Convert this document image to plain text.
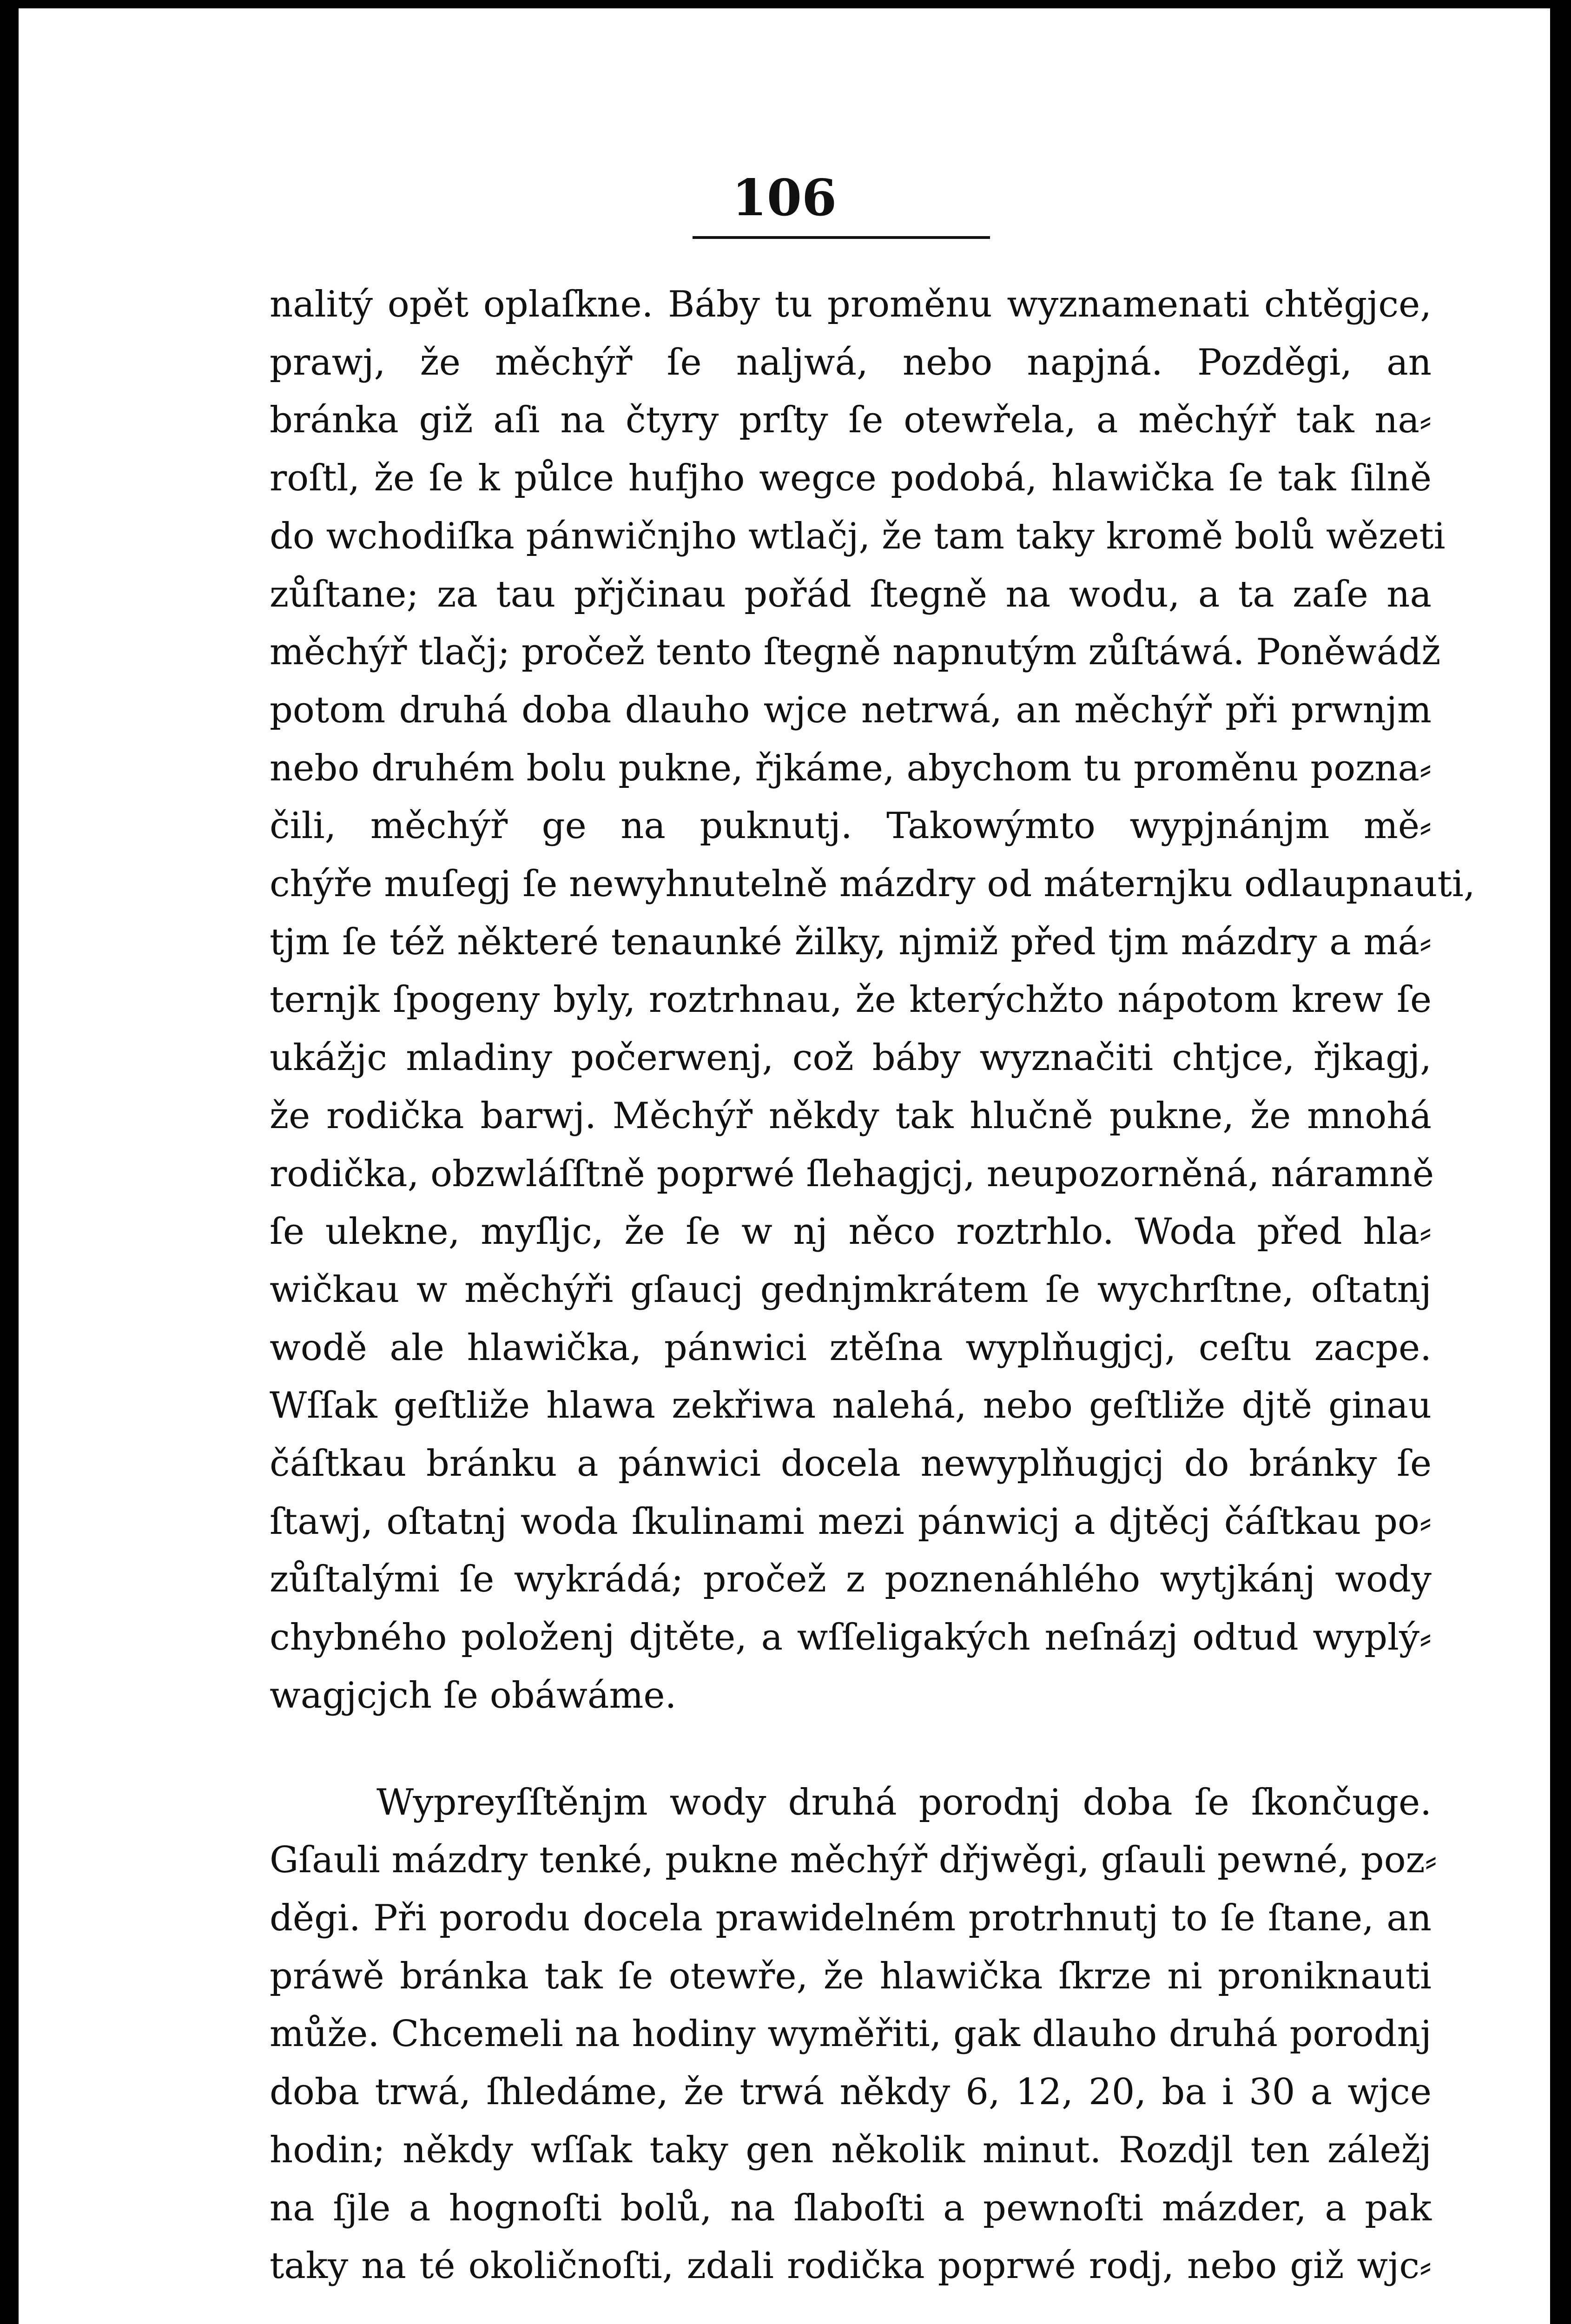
106
nalitý opět oplaſkne. Báby tu proměnu wyznamenati chtěgjce,
prawj, že měchýř ſe naljwá, nebo napjná. Pozděgi, an
bránka giž aſi na čtyry prſty ſe otewřela, a měchýř tak na⸗
roſtl, že ſe k půlce hufjho wegce podobá, hlawička ſe tak ſilně
do wchodiſka pánwičnjho wtlačj, že tam taky kromě bolů wězeti
zůſtane; za tau přjčinau pořád ſtegně na wodu, a ta zaſe na
měchýř tlačj; pročež tento ſtegně napnutým zůſtáwá. Poněwádž
potom druhá doba dlauho wjce netrwá, an měchýř při prwnjm
nebo druhém bolu pukne, řjkáme, abychom tu proměnu pozna⸗
čili, měchýř ge na puknutj. Takowýmto wypjnánjm mě⸗
chýře muſegj ſe newyhnutelně mázdry od máternjku odlaupnauti,
tjm ſe též některé tenaunké žilky, njmiž před tjm mázdry a má⸗
ternjk ſpogeny byly, roztrhnau, že kterýchžto nápotom krew ſe
ukážjc mladiny počerwenj, což báby wyznačiti chtjce, řjkagj,
že rodička barwj. Měchýř někdy tak hlučně pukne, že mnohá
rodička, obzwláſſtně poprwé ſlehagjcj, neupozorněná, náramně
ſe ulekne, myſljc, že ſe w nj něco roztrhlo. Woda před hla⸗
wičkau w měchýři gſaucj gednjmkrátem ſe wychrſtne, oſtatnj
wodě ale hlawička, pánwici ztěſna wyplňugjcj, ceſtu zacpe.
Wſſak geſtliže hlawa zekřiwa nalehá, nebo geſtliže djtě ginau
čáſtkau bránku a pánwici docela newyplňugjcj do bránky ſe
ſtawj, oſtatnj woda ſkulinami mezi pánwicj a djtěcj čáſtkau po⸗
zůſtalými ſe wykrádá; pročež z poznenáhlého wytjkánj wody
chybného položenj djtěte, a wſſeligakých neſnázj odtud wyplý⸗
wagjcjch ſe obáwáme.
Wypreyſſtěnjm wody druhá porodnj doba ſe ſkončuge.
Gſauli mázdry tenké, pukne měchýř dřjwěgi, gſauli pewné, poz⸗
děgi. Při porodu docela prawidelném protrhnutj to ſe ſtane, an
práwě bránka tak ſe otewře, že hlawička ſkrze ni proniknauti
může. Chcemeli na hodiny wyměřiti, gak dlauho druhá porodnj
doba trwá, ſhledáme, že trwá někdy 6, 12, 20, ba i 30 a wjce
hodin; někdy wſſak taky gen několik minut. Rozdjl ten záležj
na ſjle a hognoſti bolů, na ſlaboſti a pewnoſti mázder, a pak
taky na té okoličnoſti, zdali rodička poprwé rodj, nebo giž wjc⸗
